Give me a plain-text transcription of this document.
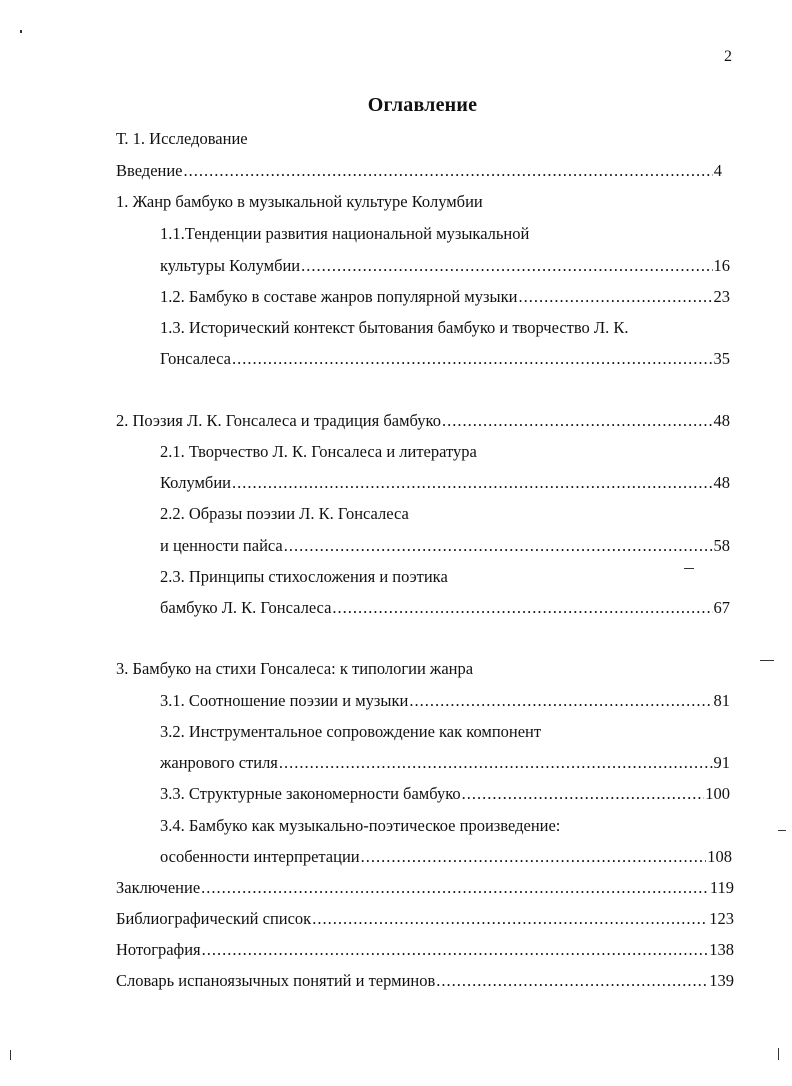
2
Оглавление
Т. 1. Исследование
Введение .....	4
1. Жанр бамбуко в музыкальной культуре Колумбии
1.1.Тенденции развития национальной музыкальной
культуры Колумбии .....	16
1.2. Бамбуко в составе жанров популярной музыки .....	23
1.3. Исторический контекст бытования бамбуко и творчество Л. К.
Гонсалеса .....	35
2. Поэзия Л. К. Гонсалеса и традиция бамбуко .....	48
2.1. Творчество Л. К. Гонсалеса и литература
Колумбии .....	48
2.2. Образы поэзии Л. К. Гонсалеса
и ценности пайса .....	58
2.3. Принципы стихосложения и поэтика
бамбуко Л. К. Гонсалеса .....	67
3. Бамбуко на стихи Гонсалеса: к типологии жанра
3.1. Соотношение поэзии и музыки .....	81
3.2. Инструментальное сопровождение как компонент
жанрового стиля .....	91
3.3. Структурные закономерности бамбуко .....	100
3.4. Бамбуко как музыкально-поэтическое произведение:
особенности интерпретации .....	108
Заключение .....	119
Библиографический список .....	123
Нотография .....	138
Словарь испаноязычных понятий и терминов .....	139
